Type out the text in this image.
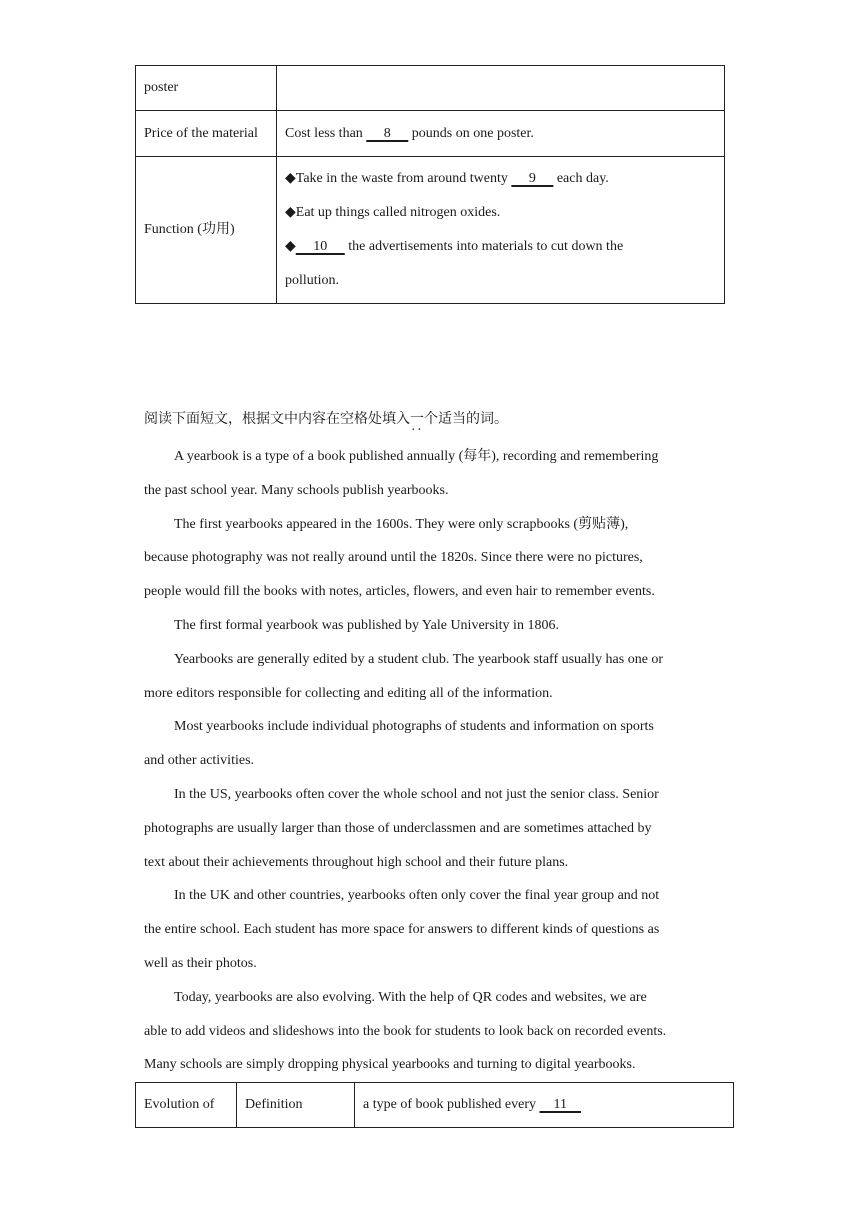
poster	
Price of the material	Cost less than      8      pounds on one poster.
Function (功用)	◆Take in the waste from around twenty      9      each day.
◆Eat up things called nitrogen oxides.
◆     10      the advertisements into materials to cut down the
pollution.
阅读下面短文，根据文中内容在空格处填入一个 · ·适当的词。
A yearbook is a type of a book published annually (每年), recording and remembering
the past school year. Many schools publish yearbooks.
The first yearbooks appeared in the 1600s. They were only scrapbooks (剪贴薄),
because photography was not really around until the 1820s. Since there were no pictures,
people would fill the books with notes, articles, flowers, and even hair to remember events.
The first formal yearbook was published by Yale University in 1806.
Yearbooks are generally edited by a student club. The yearbook staff usually has one or
more editors responsible for collecting and editing all of the information.
Most yearbooks include individual photographs of students and information on sports
and other activities.
In the US, yearbooks often cover the whole school and not just the senior class. Senior
photographs are usually larger than those of underclassmen and are sometimes attached by
text about their achievements throughout high school and their future plans.
In the UK and other countries, yearbooks often only cover the final year group and not
the entire school. Each student has more space for answers to different kinds of questions as
well as their photos.
Today, yearbooks are also evolving. With the help of QR codes and websites, we are
able to add videos and slideshows into the book for students to look back on recorded events.
Many schools are simply dropping physical yearbooks and turning to digital yearbooks.
Evolution of	Definition	a type of book published every     11
